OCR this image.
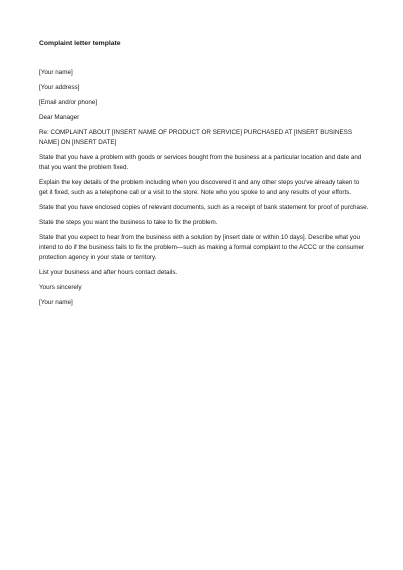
Complaint letter template
[Your name]
[Your address]
[Email and/or phone]
Dear Manager
Re: COMPLAINT ABOUT [INSERT NAME OF PRODUCT OR SERVICE] PURCHASED AT [INSERT BUSINESS NAME] ON [INSERT DATE]
State that you have a problem with goods or services bought from the business at a particular location and date and that you want the problem fixed.
Explain the key details of the problem including when you discovered it and any other steps you've already taken to get it fixed, such as a telephone call or a visit to the store. Note who you spoke to and any results of your efforts.
State that you have enclosed copies of relevant documents, such as a receipt of bank statement for proof of purchase.
State the steps you want the business to take to fix the problem.
State that you expect to hear from the business with a solution by [insert date or within 10 days]. Describe what you intend to do if the business fails to fix the problem—such as making a formal complaint to the ACCC or the consumer protection agency in your state or territory.
List your business and after hours contact details.
Yours sincerely
[Your name]
